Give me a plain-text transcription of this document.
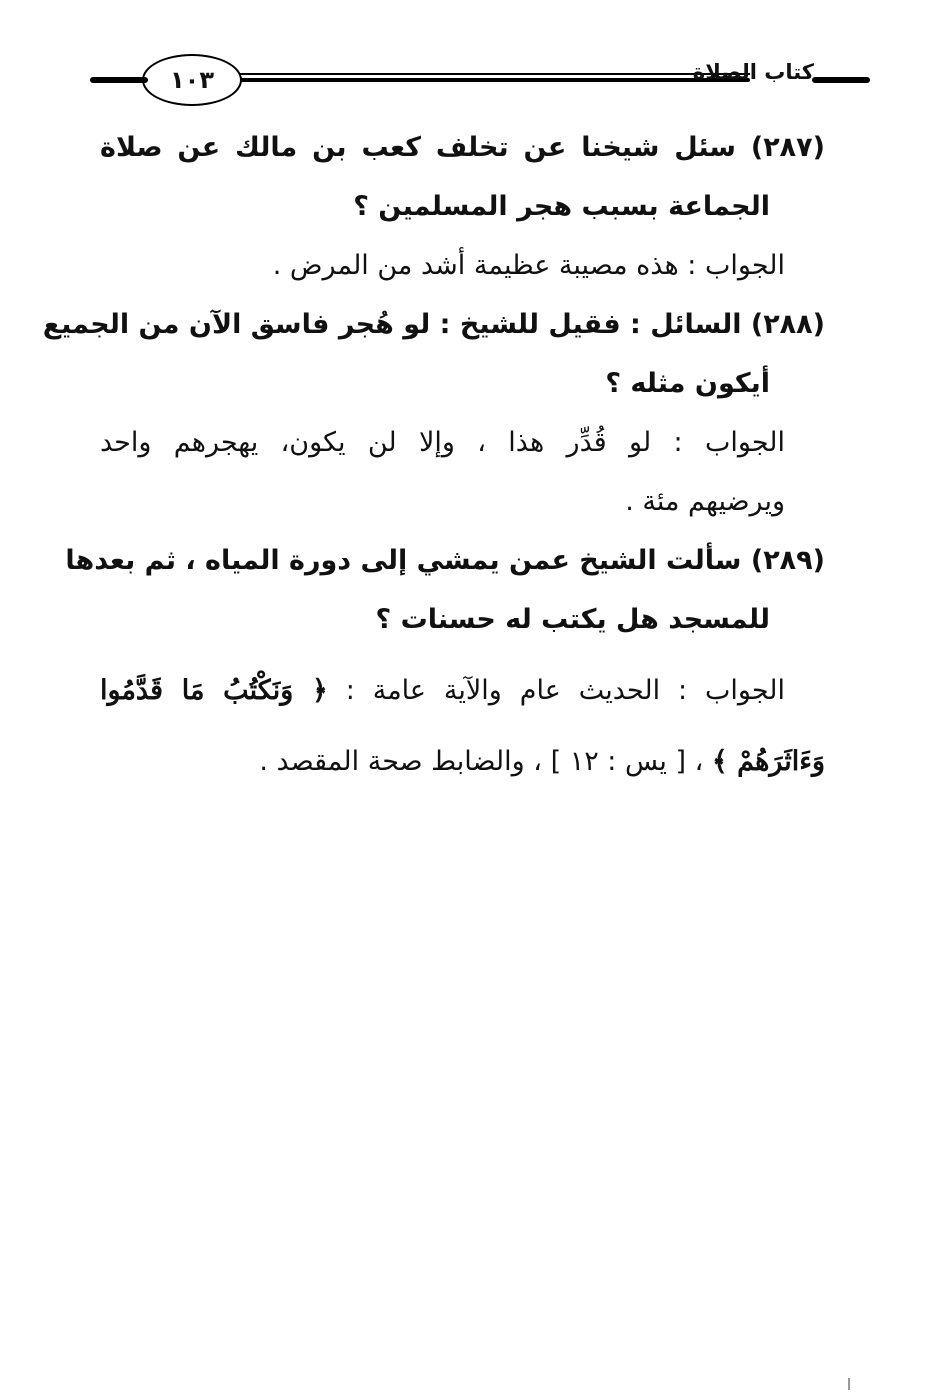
١٠٣	كتاب الصلاة
(٢٨٧) سئل شيخنا عن تخلف كعب بن مالك عن صلاة
الجماعة بسبب هجر المسلمين ؟
الجواب : هذه مصيبة عظيمة أشد من المرض .
(٢٨٨) السائل : فقيل للشيخ : لو هُجر فاسق الآن من الجميع
أيكون مثله ؟
الجواب : لو قُدِّر هذا ، وإلا لن يكون، يهجرهم واحد
ويرضيهم مئة .
(٢٨٩) سألت الشيخ عمن يمشي إلى دورة المياه ، ثم بعدها
للمسجد هل يكتب له حسنات ؟
الجواب : الحديث عام والآية عامة : ﴿ وَنَكْتُبُ مَا قَدَّمُوا
وَءَاثَرَهُمْ ﴾ ، [ يس : ١٢ ] ، والضابط صحة المقصد .
